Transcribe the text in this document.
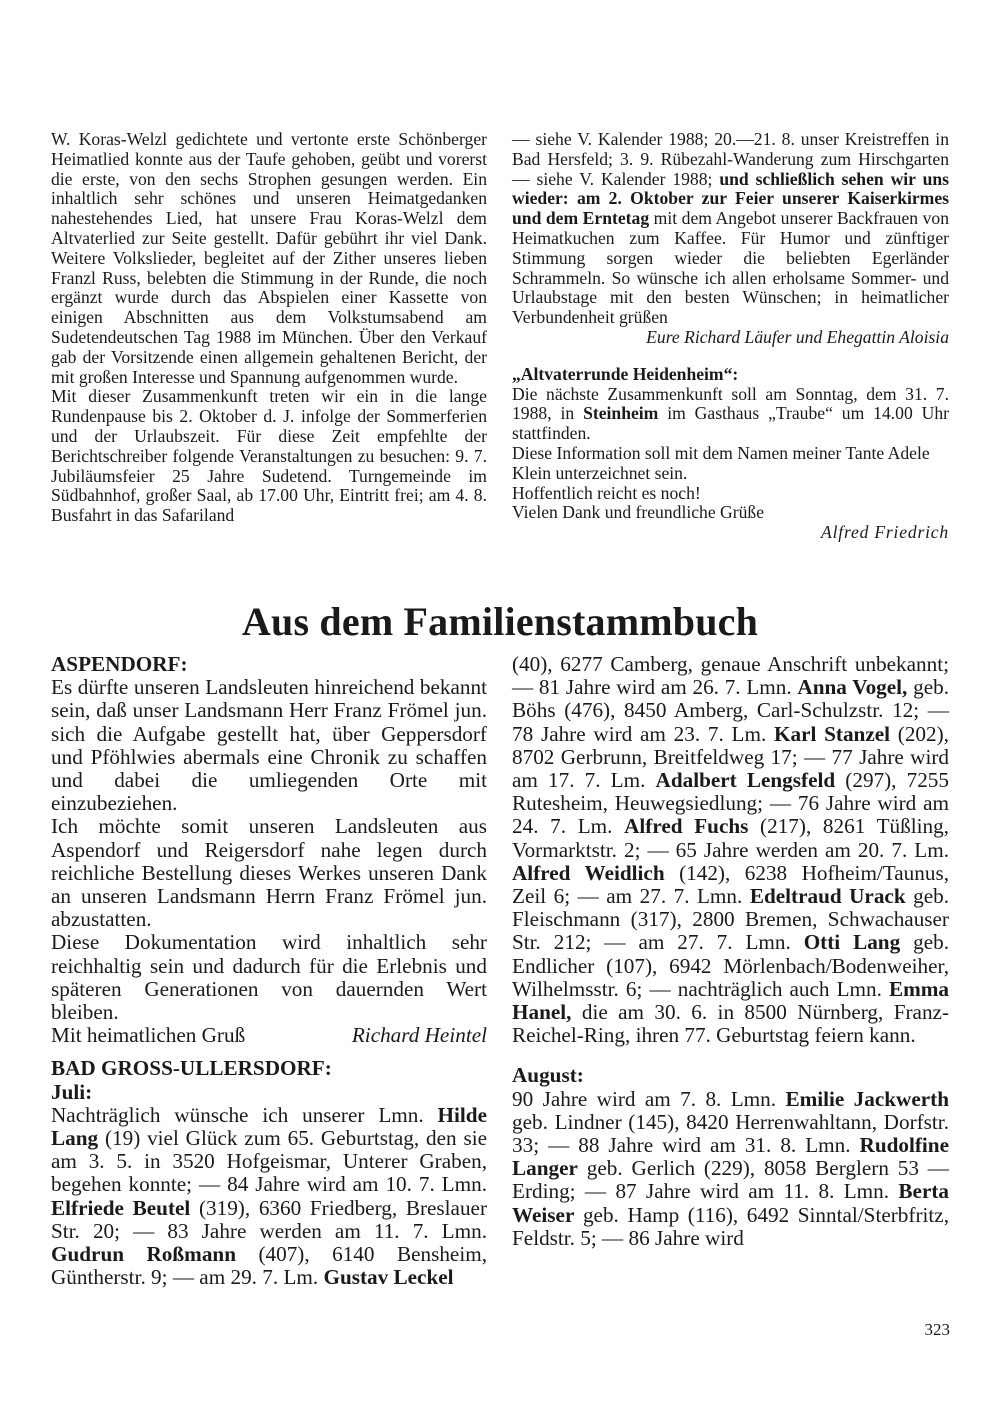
W. Koras-Welzl gedichtete und vertonte erste Schönberger Heimatlied konnte aus der Taufe gehoben, geübt und vorerst die erste, von den sechs Strophen gesungen werden. Ein inhaltlich sehr schönes und unseren Heimatgedanken nahestehendes Lied, hat unsere Frau Koras-Welzl dem Altvaterlied zur Seite gestellt. Dafür gebührt ihr viel Dank. Weitere Volkslieder, begleitet auf der Zither unseres lieben Franzl Russ, belebten die Stimmung in der Runde, die noch ergänzt wurde durch das Abspielen einer Kassette von einigen Abschnitten aus dem Volkstumsabend am Sudetendeutschen Tag 1988 im München. Über den Verkauf gab der Vorsitzende einen allgemein gehaltenen Bericht, der mit großen Interesse und Spannung aufgenommen wurde.

Mit dieser Zusammenkunft treten wir ein in die lange Rundenpause bis 2. Oktober d. J. infolge der Sommerferien und der Urlaubszeit. Für diese Zeit empfehlte der Berichtschreiber folgende Veranstaltungen zu besuchen: 9. 7. Jubiläumsfeier 25 Jahre Sudetend. Turngemeinde im Südbahnhof, großer Saal, ab 17.00 Uhr, Eintritt frei; am 4. 8. Busfahrt in das Safariland

— siehe V. Kalender 1988; 20.—21. 8. unser Kreistreffen in Bad Hersfeld; 3. 9. Rübezahl-Wanderung zum Hirschgarten — siehe V. Kalender 1988; und schließlich sehen wir uns wieder: am 2. Oktober zur Feier unserer Kaiserkirmes und dem Erntetag mit dem Angebot unserer Backfrauen von Heimatkuchen zum Kaffee. Für Humor und zünftiger Stimmung sorgen wieder die beliebten Egerländer Schrammeln. So wünsche ich allen erholsame Sommer- und Urlaubstage mit den besten Wünschen; in heimatlicher Verbundenheit grüßen

Eure Richard Läufer und Ehegattin Aloisia

„Altvaterrunde Heidenheim“:

Die nächste Zusammenkunft soll am Sonntag, dem 31. 7. 1988, in Steinheim im Gasthaus „Traube“ um 14.00 Uhr stattfinden.

Diese Information soll mit dem Namen meiner Tante Adele Klein unterzeichnet sein.

Hoffentlich reicht es noch!

Vielen Dank und freundliche Grüße

Alfred Friedrich
Aus dem Familienstammbuch

ASPENDORF:

Es dürfte unseren Landsleuten hinreichend bekannt sein, daß unser Landsmann Herr Franz Frömel jun. sich die Aufgabe gestellt hat, über Geppersdorf und Pföhlwies abermals eine Chronik zu schaffen und dabei die umliegenden Orte mit einzubeziehen.

Ich möchte somit unseren Landsleuten aus Aspendorf und Reigersdorf nahe legen durch reichliche Bestellung dieses Werkes unseren Dank an unseren Landsmann Herrn Franz Frömel jun. abzustatten.

Diese Dokumentation wird inhaltlich sehr reichhaltig sein und dadurch für die Erlebnis und späteren Generationen von dauernden Wert bleiben.

Mit heimatlichen Gruß	Richard Heintel

BAD GROSS-ULLERSDORF:

Juli:

Nachträglich wünsche ich unserer Lmn. Hilde Lang (19) viel Glück zum 65. Geburtstag, den sie am 3. 5. in 3520 Hofgeismar, Unterer Graben, begehen konnte; — 84 Jahre wird am 10. 7. Lmn. Elfriede Beutel (319), 6360 Friedberg, Breslauer Str. 20; — 83 Jahre werden am 11. 7. Lmn. Gudrun Roßmann (407), 6140 Bensheim, Güntherstr. 9; — am 29. 7. Lm. Gustav Leckel

(40), 6277 Camberg, genaue Anschrift unbekannt; — 81 Jahre wird am 26. 7. Lmn. Anna Vogel, geb. Böhs (476), 8450 Amberg, Carl-Schulzstr. 12; — 78 Jahre wird am 23. 7. Lm. Karl Stanzel (202), 8702 Gerbrunn, Breitfeldweg 17; — 77 Jahre wird am 17. 7. Lm. Adalbert Lengsfeld (297), 7255 Rutesheim, Heuwegsiedlung; — 76 Jahre wird am 24. 7. Lm. Alfred Fuchs (217), 8261 Tüßling, Vormarktstr. 2; — 65 Jahre werden am 20. 7. Lm. Alfred Weidlich (142), 6238 Hofheim/Taunus, Zeil 6; — am 27. 7. Lmn. Edeltraud Urack geb. Fleischmann (317), 2800 Bremen, Schwachauser Str. 212; — am 27. 7. Lmn. Otti Lang geb. Endlicher (107), 6942 Mörlenbach/Bodenweiher, Wilhelmsstr. 6; — nachträglich auch Lmn. Emma Hanel, die am 30. 6. in 8500 Nürnberg, Franz-Reichel-Ring, ihren 77. Geburtstag feiern kann.

August:

90 Jahre wird am 7. 8. Lmn. Emilie Jackwerth geb. Lindner (145), 8420 Herrenwahltann, Dorfstr. 33; — 88 Jahre wird am 31. 8. Lmn. Rudolfine Langer geb. Gerlich (229), 8058 Berglern 53 — Erding; — 87 Jahre wird am 11. 8. Lmn. Berta Weiser geb. Hamp (116), 6492 Sinntal/Sterbfritz, Feldstr. 5; — 86 Jahre wird

323
